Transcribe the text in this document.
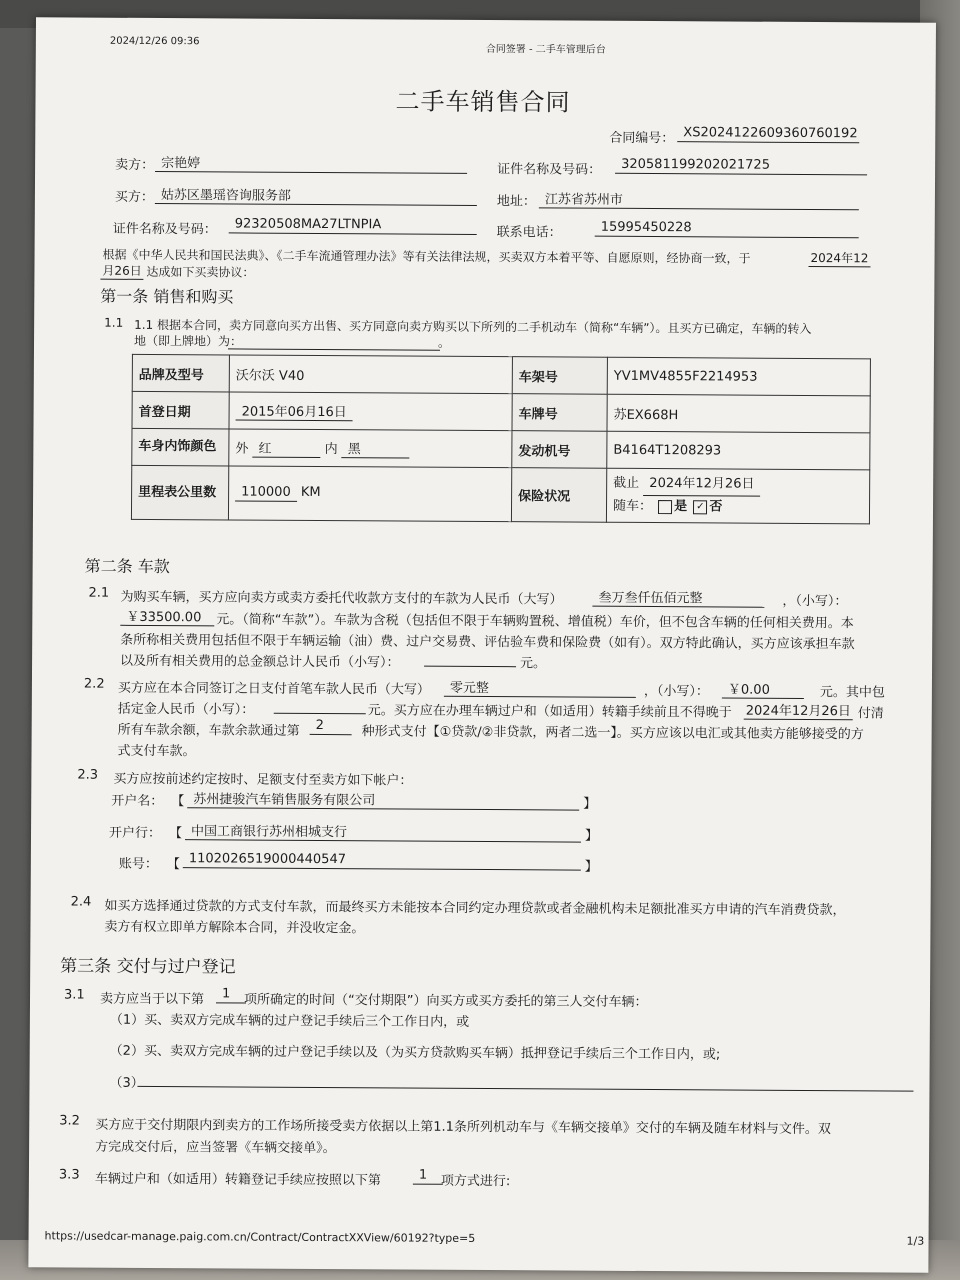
2024/12/26 09:36
合同签署 - 二手车管理后台
二手车销售合同
合同编号： XS2024122609360760192
卖方： 宗艳婷	证件名称及号码：	320581199202021725
买方： 姑苏区墨瑶咨询服务部	地址： 江苏省苏州市
证件名称及号码：	92320508MA27LTNPIA
联系电话：	15995450228
根据《中华人民共和国民法典》、《二手车流通管理办法》等有关法律法规，买卖双方本着平等、自愿原则，经协商一致，于	2024年12
月26日 达成如下买卖协议：
第一条 销售和购买
1.1 1.1 根据本合同，卖方同意向买方出售、买方同意向卖方购买以下所列的二手机动车（简称“车辆”）。且买方已确定，车辆的转入
地（即上牌地）为：	。
品牌及型号	沃尔沃 V40	车架号	YV1MV4855F2214953
首登日期	2015年06月16日	车牌号	苏EX668H
车身内饰颜色	外 红 内 黑	发动机号	B4164T1208293
里程表公里数	110000 KM	保险状况	截止 2024年12月26日
随车： 是 ✓ 否
第二条 车款
2.1 为购买车辆，买方应向卖方或卖方委托代收款方支付的车款为人民币（大写）	叁万叁仟伍佰元整	，（小写）：
￥33500.00	元。（简称“车款”）。车款为含税（包括但不限于车辆购置税、增值税）车价，但不包含车辆的任何相关费用。本
条所称相关费用包括但不限于车辆运输（油）费、过户交易费、评估验车费和保险费（如有）。双方特此确认，买方应该承担车款
以及所有相关费用的总金额总计人民币（小写）：	元。
2.2 买方应在本合同签订之日支付首笔车款人民币（大写）	零元整	，（小写）：	￥0.00	元。其中包
括定金人民币（小写）：	元。买方应在办理车辆过户和（如适用）转籍手续前且不得晚于 2024年12月26日 付清
所有车款余额，车款余款通过第	2	种形式支付【①贷款/②非贷款，两者二选一】。买方应该以电汇或其他卖方能够接受的方
式支付车款。
2.3 买方应按前述约定按时、足额支付至卖方如下帐户：
开户名： 【 苏州捷骏汽车销售服务有限公司	】
开户行： 【 中国工商银行苏州相城支行	】
账号： 【 1102026519000440547	】
2.4 如买方选择通过贷款的方式支付车款，而最终买方未能按本合同约定办理贷款或者金融机构未足额批准买方申请的汽车消费贷款，
卖方有权立即单方解除本合同，并没收定金。
第三条 交付与过户登记
3.1 卖方应当于以下第	1	项所确定的时间（“交付期限”）向买方或买方委托的第三人交付车辆：
（1）买、卖双方完成车辆的过户登记手续后三个工作日内，或
（2）买、卖双方完成车辆的过户登记手续以及（为买方贷款购买车辆）抵押登记手续后三个工作日内，或;
（3）
3.2 买方应于交付期限内到卖方的工作场所接受卖方依据以上第1.1条所列机动车与《车辆交接单》交付的车辆及随车材料与文件。双
方完成交付后，应当签署《车辆交接单》。
3.3 车辆过户和（如适用）转籍登记手续应按照以下第	1	项方式进行:
https://usedcar-manage.paig.com.cn/Contract/ContractXXView/60192?type=5	1/3
